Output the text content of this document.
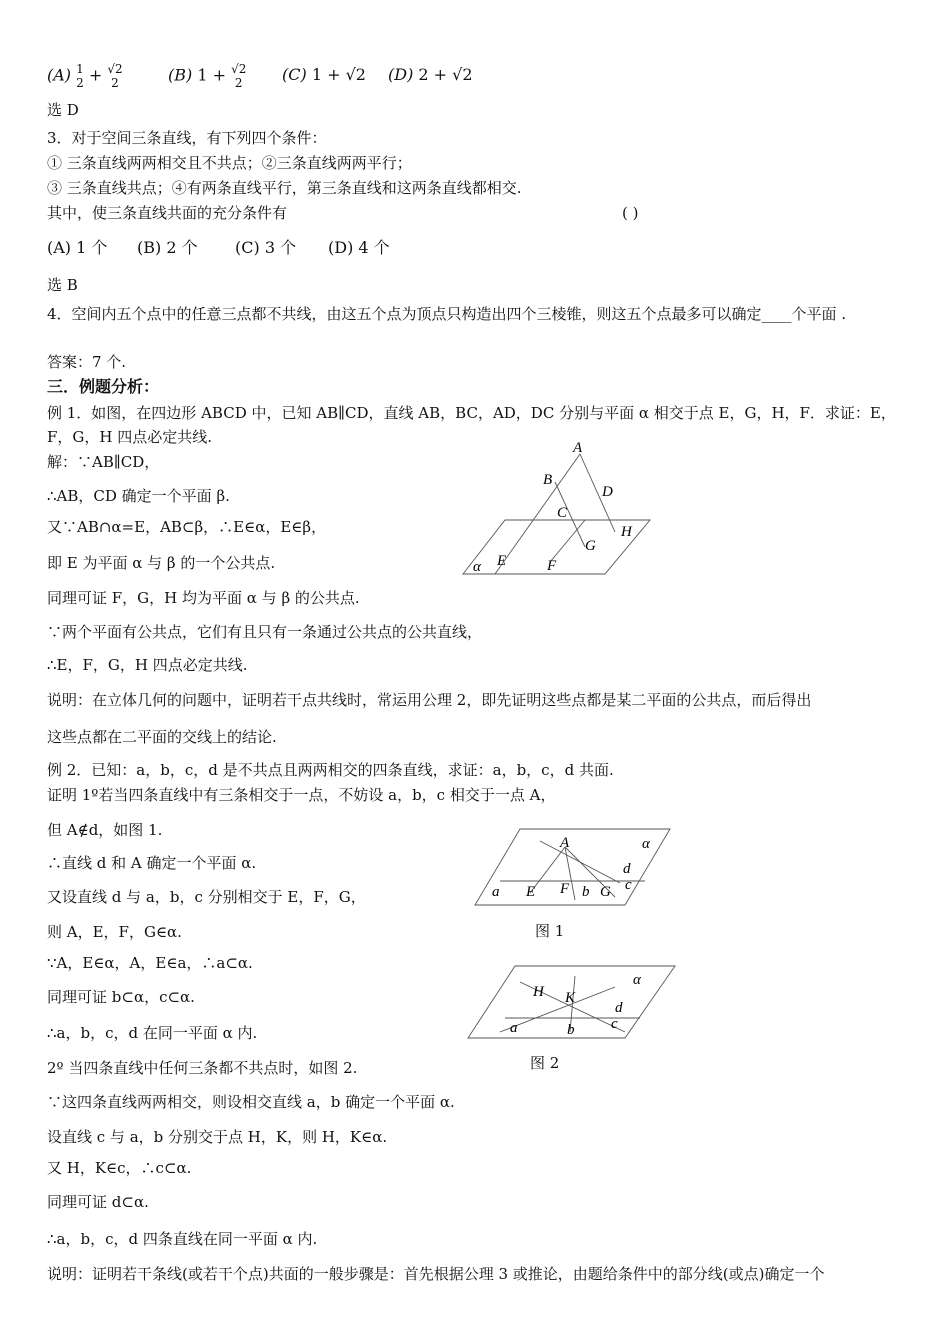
(A) 1
2 + √2
2	(B) 1 + √2
2 (C) 1 + √2 (D) 2 + √2
选 D
3．对于空间三条直线，有下列四个条件：
① 三条直线两两相交且不共点；②三条直线两两平行；
③ 三条直线共点；④有两条直线平行，第三条直线和这两条直线都相交.
其中，使三条直线共面的充分条件有	( )
(A) 1 个 (B) 2 个 (C) 3 个 (D) 4 个
选 B
4．空间内五个点中的任意三点都不共线，由这五个点为顶点只构造出四个三棱锥，则这五个点最多可以确定____个平面 .
答案：7 个.
三．例题分析：
例 1．如图，在四边形 ABCD 中，已知 AB∥CD，直线 AB，BC，AD，DC 分别与平面 α 相交于点 E，G，H，F．求证：E，F，G，H 四点必定共线.
解：∵AB∥CD，
∴AB，CD 确定一个平面 β.
又∵AB∩α=E，AB⊂β，∴E∈α，E∈β，
即 E 为平面 α 与 β 的一个公共点.
同理可证 F，G，H 均为平面 α 与 β 的公共点.
∵两个平面有公共点，它们有且只有一条通过公共点的公共直线，
∴E，F，G，H 四点必定共线.
说明：在立体几何的问题中，证明若干点共线时，常运用公理 2，即先证明这些点都是某二平面的公共点，而后得出
这些点都在二平面的交线上的结论.
A
B
D
C
H
G
E	F
α
例 2．已知：a，b，c，d 是不共点且两两相交的四条直线，求证：a，b，c，d 共面.
证明 1º若当四条直线中有三条相交于一点，不妨设 a，b，c 相交于一点 A，
但 A∉d，如图 1.
∴直线 d 和 A 确定一个平面 α.
又设直线 d 与 a，b，c 分别相交于 E，F，G，
则 A，E，F，G∈α.
∵A，E∈α，A，E∈a，∴a⊂α.
同理可证 b⊂α，c⊂α.
∴a，b，c，d 在同一平面 α 内.
2º 当四条直线中任何三条都不共点时，如图 2.
∵这四条直线两两相交，则设相交直线 a，b 确定一个平面 α.
设直线 c 与 a，b 分别交于点 H，K，则 H，K∈α.
又 H，K∈c，∴c⊂α.
同理可证 d⊂α.
∴a，b，c，d 四条直线在同一平面 α 内.
说明：证明若干条线(或若干个点)共面的一般步骤是：首先根据公理 3 或推论，由题给条件中的部分线(或点)确定一个
A	α
d
c
a E F b G
图 1
α
H K
d
a	b c
图 2
